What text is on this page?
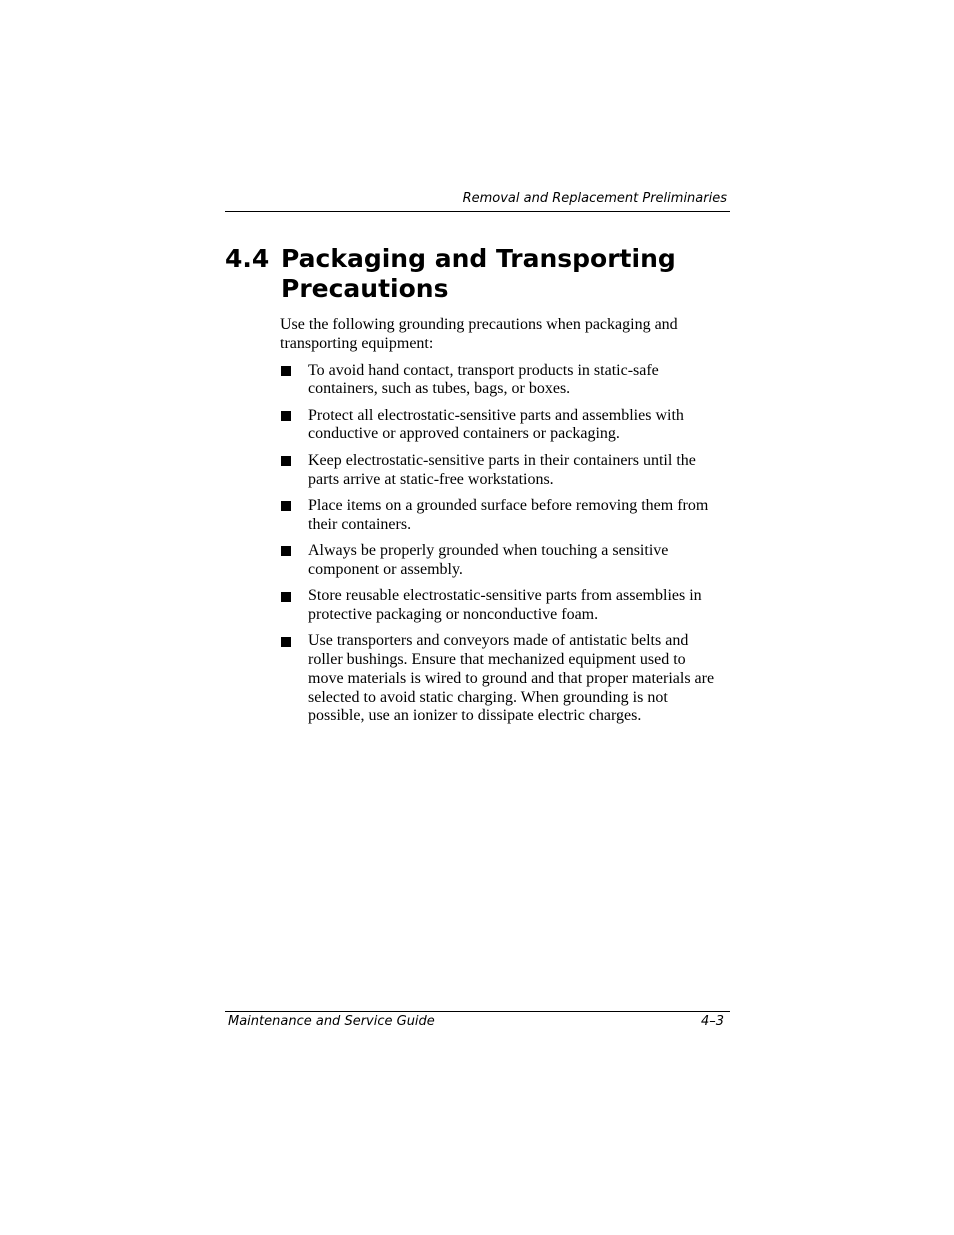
Removal and Replacement Preliminaries
4.4 Packaging and Transporting
Precautions

Use the following grounding precautions when packaging and transporting equipment:

To avoid hand contact, transport products in static-safe containers, such as tubes, bags, or boxes.
Protect all electrostatic-sensitive parts and assemblies with conductive or approved containers or packaging.
Keep electrostatic-sensitive parts in their containers until the parts arrive at static-free workstations.
Place items on a grounded surface before removing them from their containers.
Always be properly grounded when touching a sensitive component or assembly.
Store reusable electrostatic-sensitive parts from assemblies in protective packaging or nonconductive foam.
Use transporters and conveyors made of antistatic belts and roller bushings. Ensure that mechanized equipment used to move materials is wired to ground and that proper materials are selected to avoid static charging. When grounding is not possible, use an ionizer to dissipate electric charges.
Maintenance and Service Guide	4–3
